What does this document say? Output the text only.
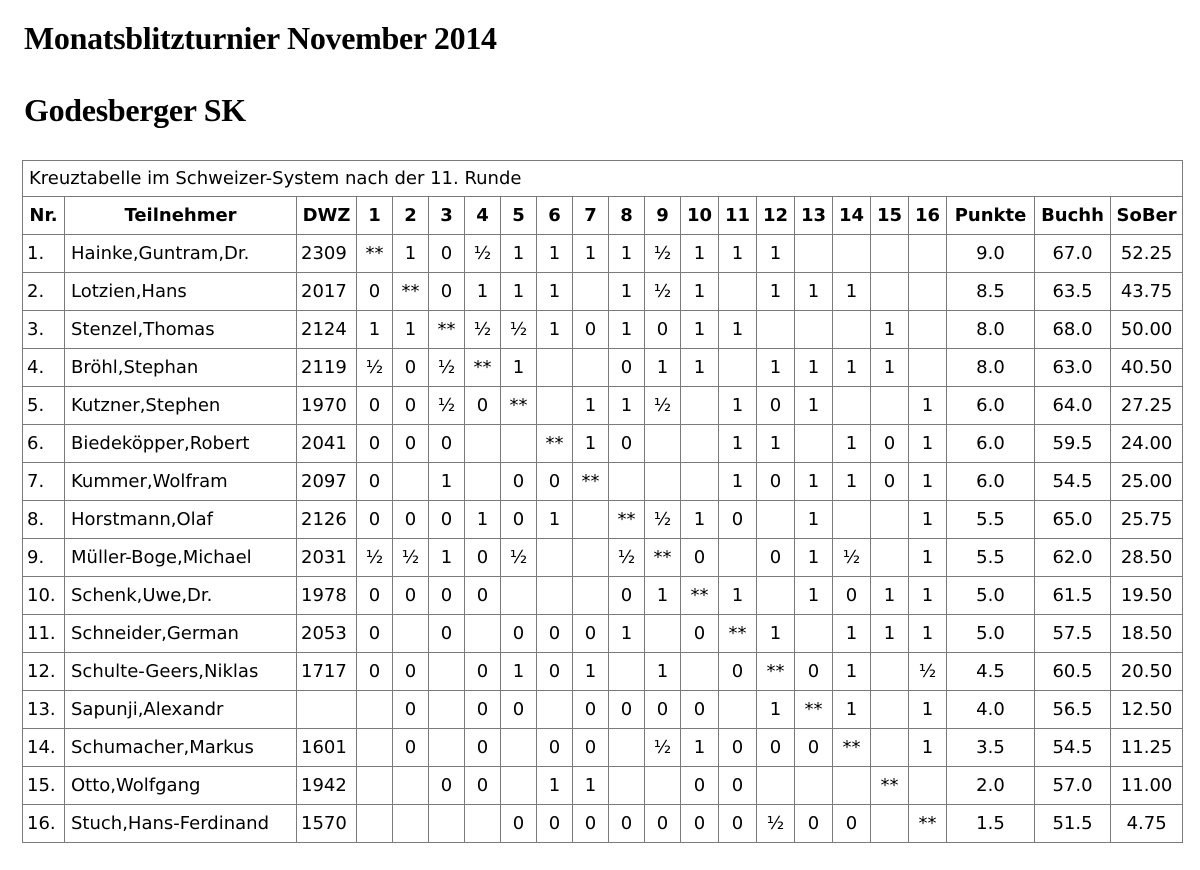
Monatsblitzturnier November 2014
Godesberger SK
Kreuztabelle im Schweizer-System nach der 11. Runde																					
Nr.	Teilnehmer	DWZ	1	2	3	4	5	6	7	8	9	10	11	12	13	14	15	16	Punkte	Buchh	SoBer
1.	Hainke,Guntram,Dr.	2309	**	1	0	½	1	1	1	1	½	1	1	1					9.0	67.0	52.25
2.	Lotzien,Hans	2017	0	**	0	1	1	1		1	½	1		1	1	1			8.5	63.5	43.75
3.	Stenzel,Thomas	2124	1	1	**	½	½	1	0	1	0	1	1				1		8.0	68.0	50.00
4.	Bröhl,Stephan	2119	½	0	½	**	1			0	1	1		1	1	1	1		8.0	63.0	40.50
5.	Kutzner,Stephen	1970	0	0	½	0	**		1	1	½		1	0	1			1	6.0	64.0	27.25
6.	Biedeköpper,Robert	2041	0	0	0			**	1	0			1	1		1	0	1	6.0	59.5	24.00
7.	Kummer,Wolfram	2097	0		1		0	0	**				1	0	1	1	0	1	6.0	54.5	25.00
8.	Horstmann,Olaf	2126	0	0	0	1	0	1		**	½	1	0		1			1	5.5	65.0	25.75
9.	Müller-Boge,Michael	2031	½	½	1	0	½			½	**	0		0	1	½		1	5.5	62.0	28.50
10.	Schenk,Uwe,Dr.	1978	0	0	0	0				0	1	**	1		1	0	1	1	5.0	61.5	19.50
11.	Schneider,German	2053	0		0		0	0	0	1		0	**	1		1	1	1	5.0	57.5	18.50
12.	Schulte-Geers,Niklas	1717	0	0		0	1	0	1		1		0	**	0	1		½	4.5	60.5	20.50
13.	Sapunji,Alexandr			0		0	0		0	0	0	0		1	**	1		1	4.0	56.5	12.50
14.	Schumacher,Markus	1601		0		0		0	0		½	1	0	0	0	**		1	3.5	54.5	11.25
15.	Otto,Wolfgang	1942			0	0		1	1			0	0				**		2.0	57.0	11.00
16.	Stuch,Hans-Ferdinand	1570					0	0	0	0	0	0	0	½	0	0		**	1.5	51.5	4.75
